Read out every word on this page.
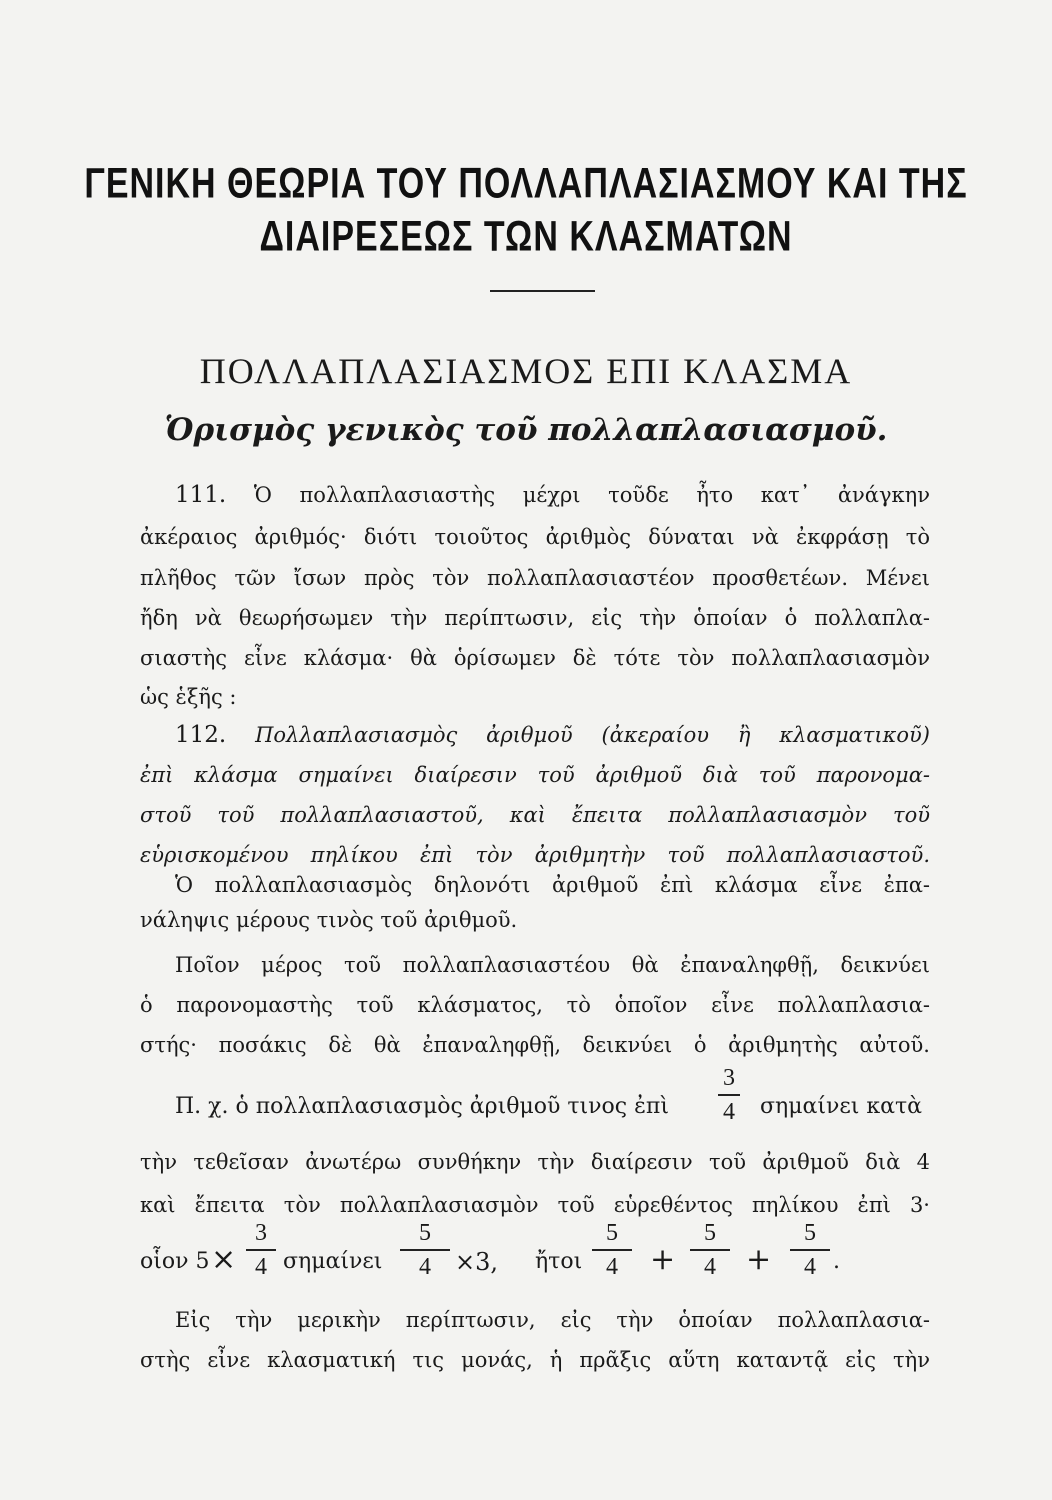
ΓΕΝΙΚΗ ΘΕΩΡΙΑ ΤΟΥ ΠΟΛΛΑΠΛΑΣΙΑΣΜΟΥ ΚΑΙ ΤΗΣ
ΔΙΑΙΡΕΣΕΩΣ ΤΩΝ ΚΛΑΣΜΑΤΩΝ
ΠΟΛΛΑΠΛΑΣΙΑΣΜΟΣ ΕΠΙ ΚΛΑΣΜΑ
Ὁρισμὸς γενικὸς τοῦ πολλαπλασιασμοῦ.
111. Ὁ πολλαπλασιαστὴς μέχρι τοῦδε ἦτο κατ᾽ ἀνάγκην
ἀκέραιος ἀριθμός· διότι τοιοῦτος ἀριθμὸς δύναται νὰ ἐκφράσῃ τὸ
πλῆθος τῶν ἴσων πρὸς τὸν πολλαπλασιαστέον προσθετέων. Μένει
ἤδη νὰ θεωρήσωμεν τὴν περίπτωσιν, εἰς τὴν ὁποίαν ὁ πολλαπλα-
σιαστὴς εἶνε κλάσμα· θὰ ὁρίσωμεν δὲ τότε τὸν πολλαπλασιασμὸν
ὡς ἑξῆς :
112. Πολλαπλασιασμὸς ἀριθμοῦ (ἀκεραίου ἢ κλασματικοῦ)
ἐπὶ κλάσμα σημαίνει διαίρεσιν τοῦ ἀριθμοῦ διὰ τοῦ παρονομα-
στοῦ τοῦ πολλαπλασιαστοῦ, καὶ ἔπειτα πολλαπλασιασμὸν τοῦ
εὑρισκομένου πηλίκου ἐπὶ τὸν ἀριθμητὴν τοῦ πολλαπλασιαστοῦ.
Ὁ πολλαπλασιασμὸς δηλονότι ἀριθμοῦ ἐπὶ κλάσμα εἶνε ἐπα-
νάληψις μέρους τινὸς τοῦ ἀριθμοῦ.
Ποῖον μέρος τοῦ πολλαπλασιαστέου θὰ ἐπαναληφθῇ, δεικνύει
ὁ παρονομαστὴς τοῦ κλάσματος, τὸ ὁποῖον εἶνε πολλαπλασια-
στής· ποσάκις δὲ θὰ ἐπαναληφθῇ, δεικνύει ὁ ἀριθμητὴς αὐτοῦ.
Π. χ. ὁ πολλαπλασιασμὸς ἀριθμοῦ τινος ἐπὶ
3
4 σημαίνει κατὰ
τὴν τεθεῖσαν ἀνωτέρω συνθήκην τὴν διαίρεσιν τοῦ ἀριθμοῦ διὰ 4
καὶ ἔπειτα τὸν πολλαπλασιασμὸν τοῦ εὑρεθέντος πηλίκου ἐπὶ 3·
οἷον 5 ×
3
4 σημαίνει
5
4	×3, ἤτοι
5
4	+
5
4	+
5
4 .
Εἰς τὴν μερικὴν περίπτωσιν, εἰς τὴν ὁποίαν πολλαπλασια-
στὴς εἶνε κλασματική τις μονάς, ἡ πρᾶξις αὕτη καταντᾷ εἰς τὴν
